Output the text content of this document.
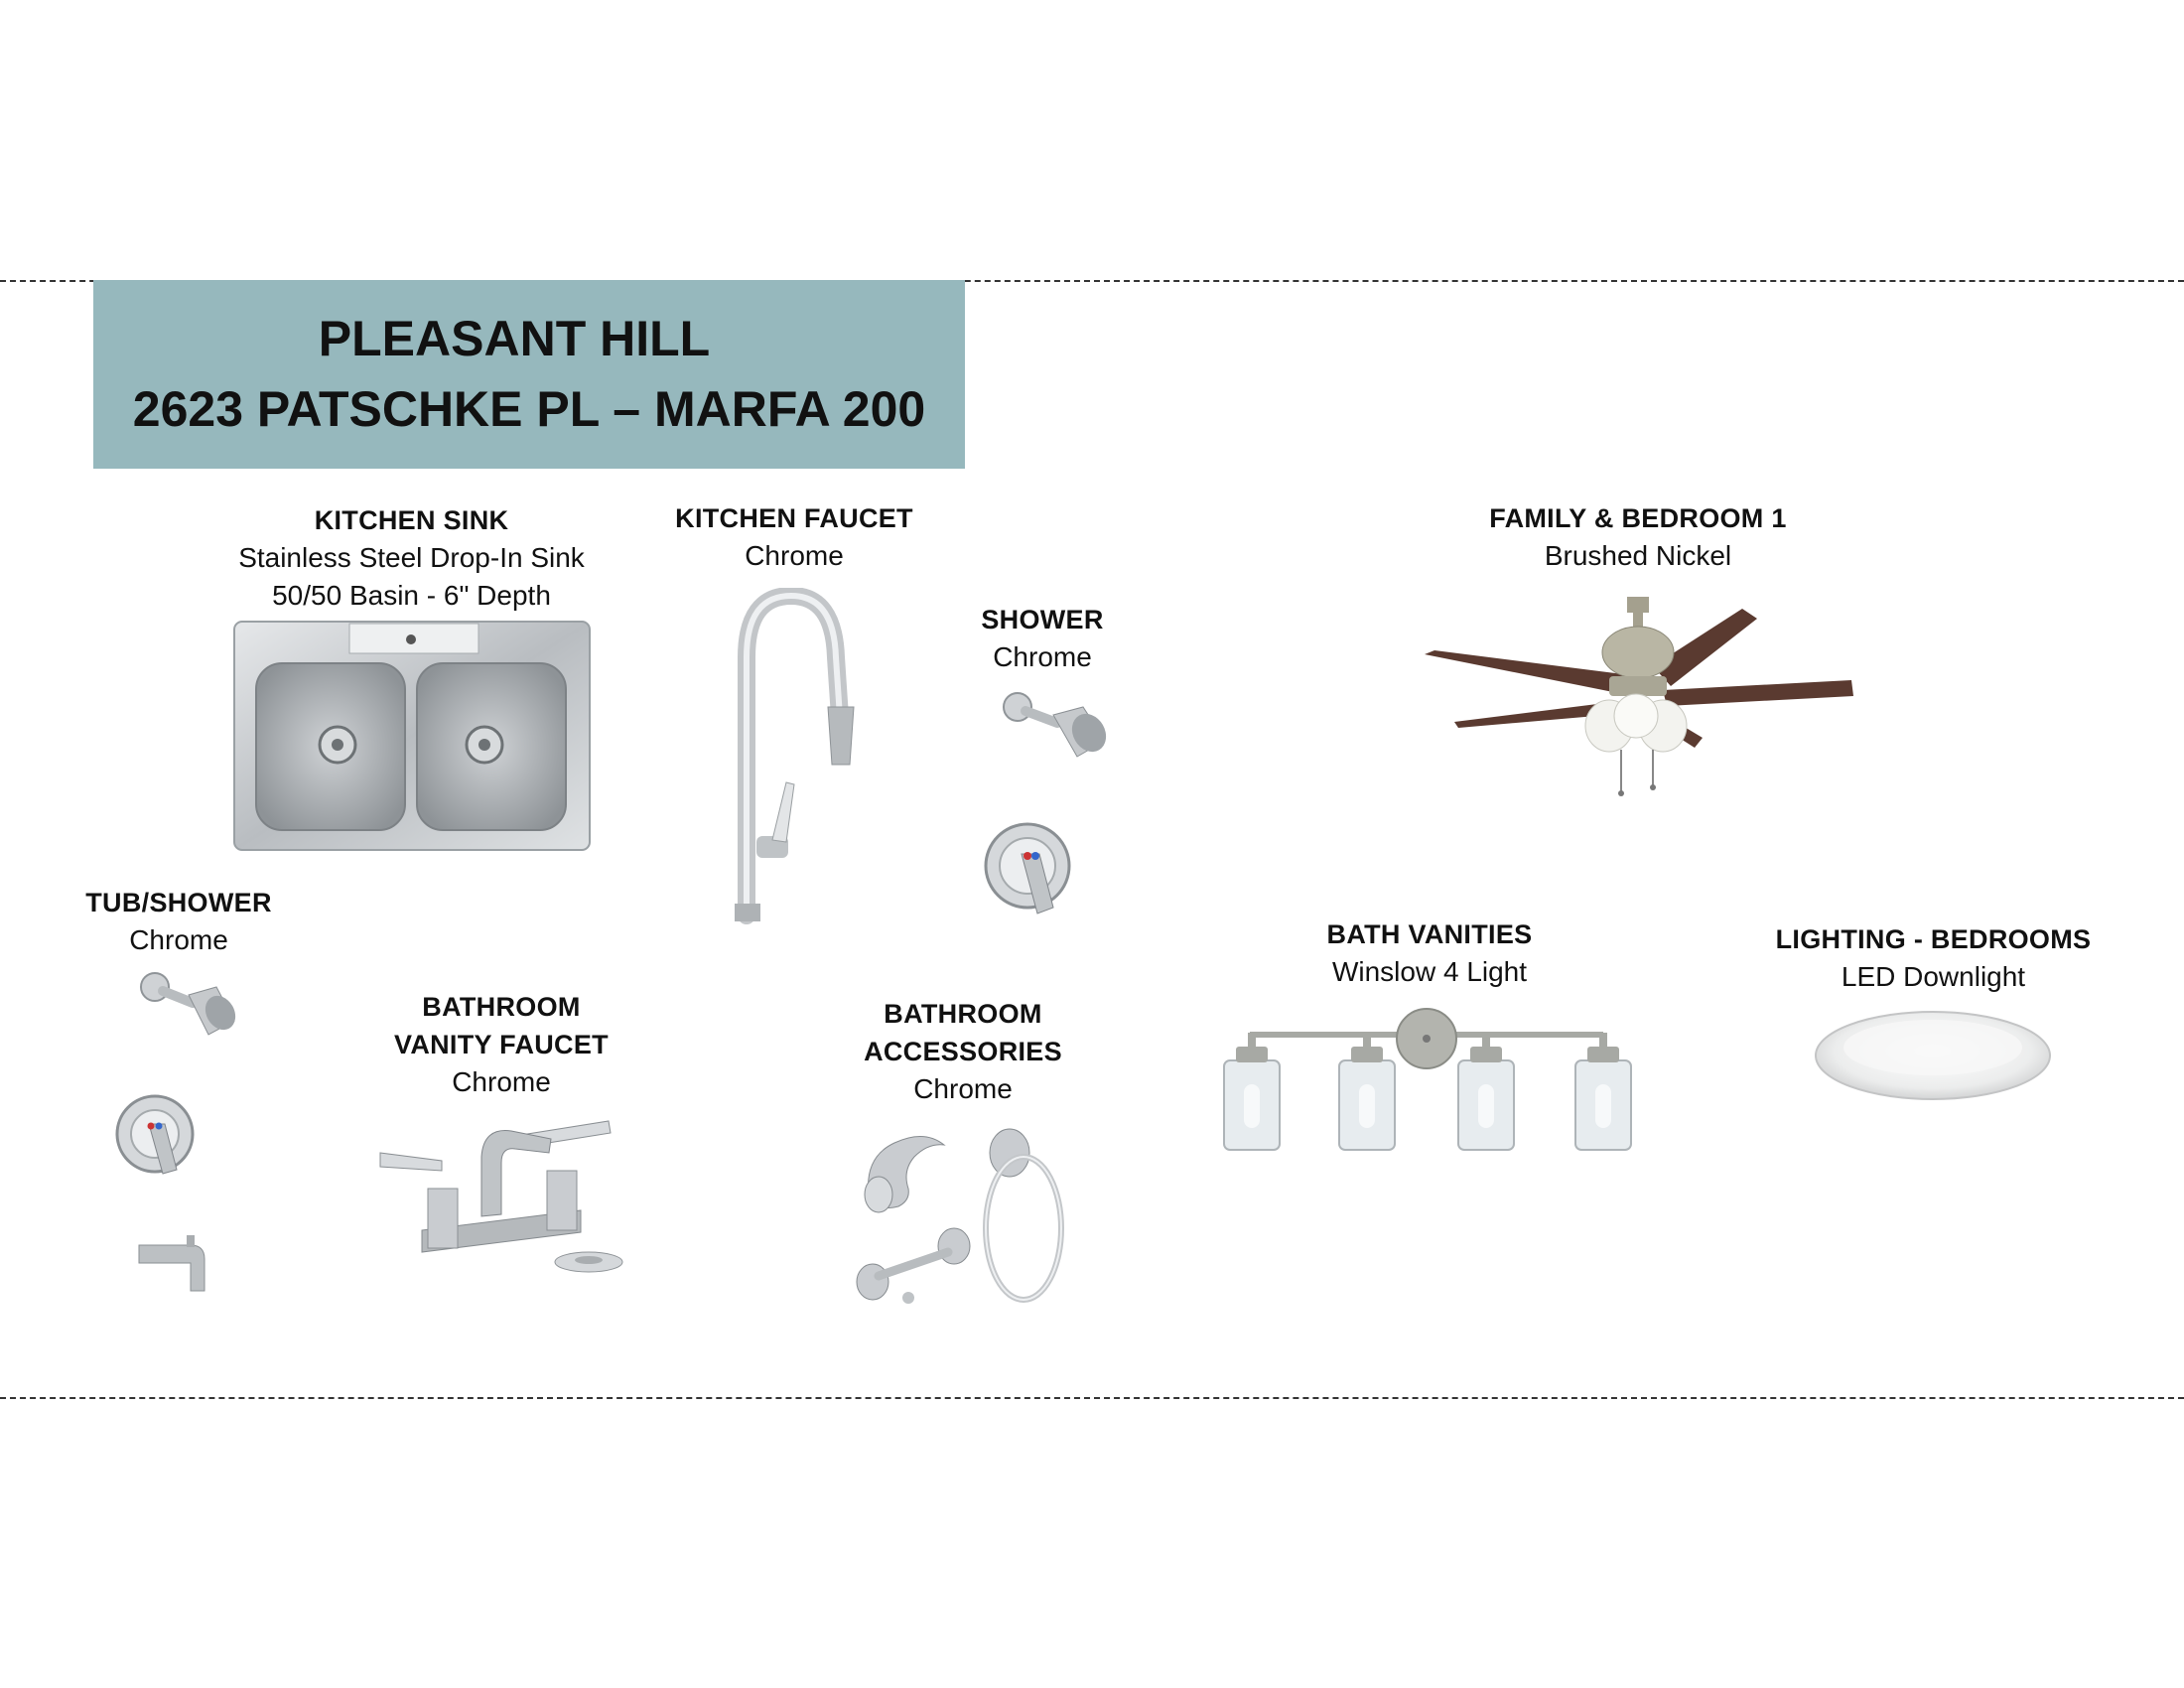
PLEASANT HILL
2623 PATSCHKE PL – MARFA 200
KITCHEN SINK
Stainless Steel Drop-In Sink
50/50 Basin - 6" Depth
KITCHEN FAUCET
Chrome
SHOWER
Chrome
FAMILY & BEDROOM 1
Brushed Nickel
TUB/SHOWER
Chrome
BATHROOM
VANITY FAUCET
Chrome
BATHROOM
ACCESSORIES
Chrome
BATH VANITIES
Winslow 4 Light
LIGHTING - BEDROOMS
LED Downlight
